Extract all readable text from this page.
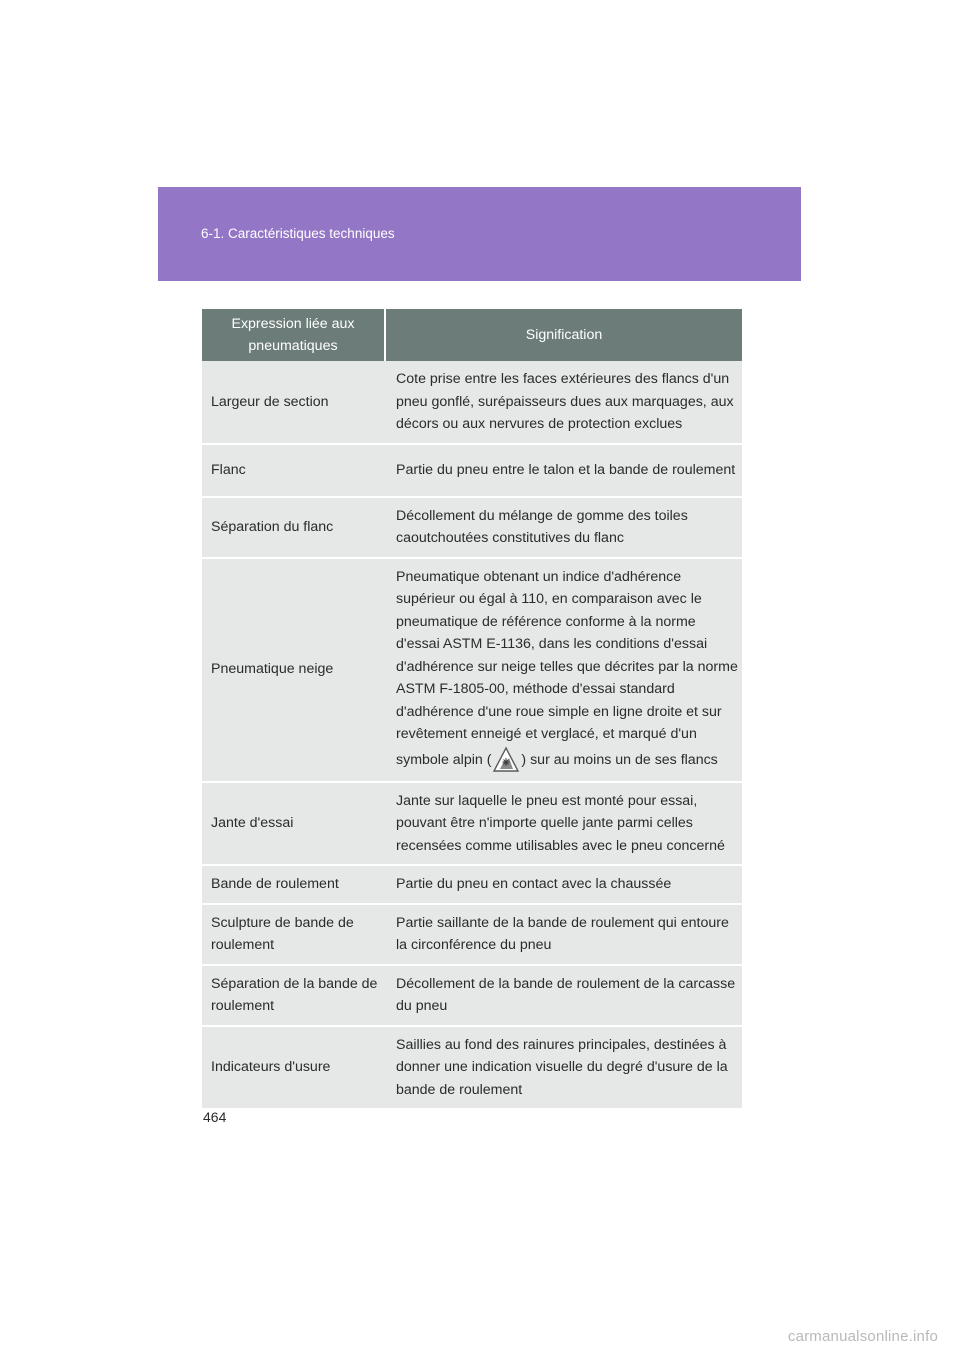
6-1. Caractéristiques techniques
Expression liée aux pneumatiques	Signification
Largeur de section	Cote prise entre les faces extérieures des flancs d'un pneu gonflé, surépaisseurs dues aux marquages, aux décors ou aux nervures de protection exclues
Flanc	Partie du pneu entre le talon et la bande de roulement
Séparation du flanc	Décollement du mélange de gomme des toiles caoutchoutées constitutives du flanc
Pneumatique neige	Pneumatique obtenant un indice d'adhérence supérieur ou égal à 110, en comparaison avec le pneumatique de référence conforme à la norme d'essai ASTM E-1136, dans les conditions d'essai d'adhérence sur neige telles que décrites par la norme ASTM F-1805-00, méthode d'essai standard d'adhérence d'une roue simple en ligne droite et sur revêtement enneigé et verglacé, et marqué d'un symbole alpin ( ) sur au moins un de ses flancs
Jante d'essai	Jante sur laquelle le pneu est monté pour essai, pouvant être n'importe quelle jante parmi celles recensées comme utilisables avec le pneu concerné
Bande de roulement	Partie du pneu en contact avec la chaussée
Sculpture de bande de roulement	Partie saillante de la bande de roulement qui entoure la circonférence du pneu
Séparation de la bande de roulement	Décollement de la bande de roulement de la carcasse du pneu
Indicateurs d'usure	Saillies au fond des rainures principales, destinées à donner une indication visuelle du degré d'usure de la bande de roulement
464
carmanualsonline.info
